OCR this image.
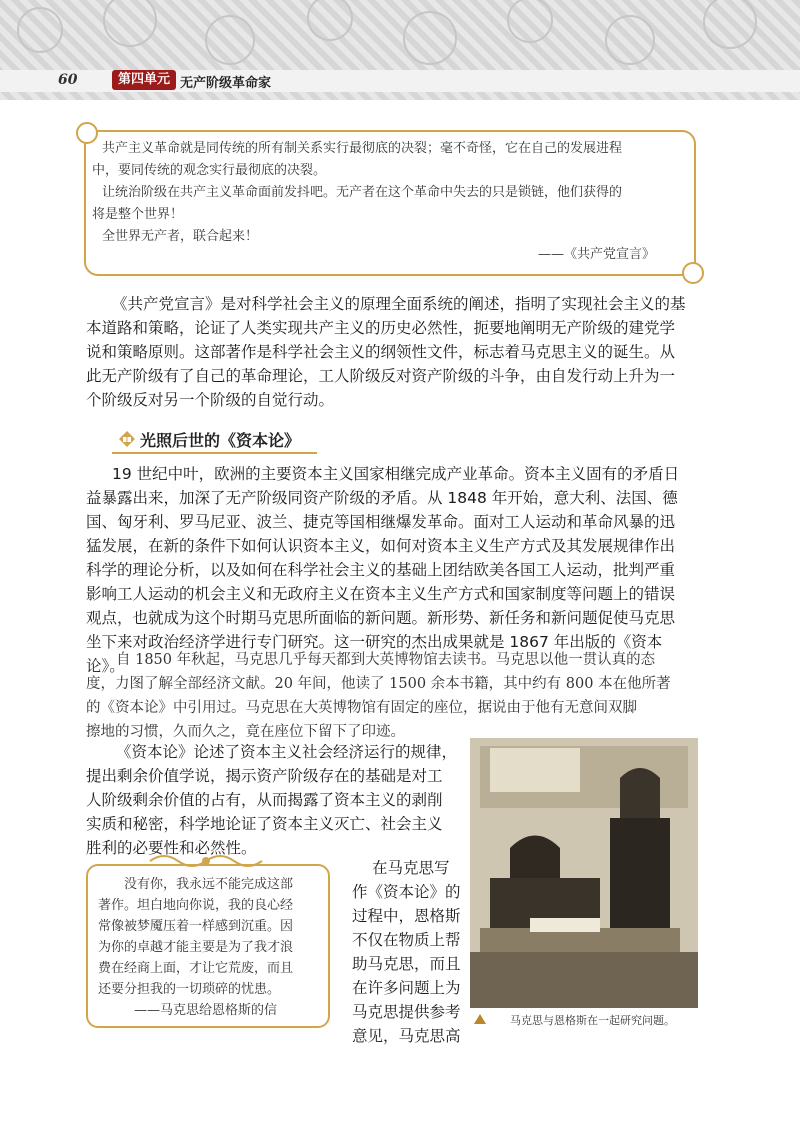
60	第四单元 无产阶级革命家
共产主义革命就是同传统的所有制关系实行最彻底的决裂；毫不奇怪，它在自己的发展进程
中，要同传统的观念实行最彻底的决裂。
让统治阶级在共产主义革命面前发抖吧。无产者在这个革命中失去的只是锁链，他们获得的
将是整个世界！
全世界无产者，联合起来！
——《共产党宣言》
《共产党宣言》是对科学社会主义的原理全面系统的阐述，指明了实现社会主义的基
本道路和策略，论证了人类实现共产主义的历史必然性，扼要地阐明无产阶级的建党学
说和策略原则。这部著作是科学社会主义的纲领性文件，标志着马克思主义的诞生。从
此无产阶级有了自己的革命理论，工人阶级反对资产阶级的斗争，由自发行动上升为一
个阶级反对另一个阶级的自觉行动。
光照后世的《资本论》
19 世纪中叶，欧洲的主要资本主义国家相继完成产业革命。资本主义固有的矛盾日
益暴露出来，加深了无产阶级同资产阶级的矛盾。从 1848 年开始，意大利、法国、德
国、匈牙利、罗马尼亚、波兰、捷克等国相继爆发革命。面对工人运动和革命风暴的迅
猛发展，在新的条件下如何认识资本主义，如何对资本主义生产方式及其发展规律作出
科学的理论分析，以及如何在科学社会主义的基础上团结欧美各国工人运动，批判严重
影响工人运动的机会主义和无政府主义在资本主义生产方式和国家制度等问题上的错误
观点，也就成为这个时期马克思所面临的新问题。新形势、新任务和新问题促使马克思
坐下来对政治经济学进行专门研究。这一研究的杰出成果就是 1867 年出版的《资本论》。
自 1850 年秋起，马克思几乎每天都到大英博物馆去读书。马克思以他一贯认真的态
度，力图了解全部经济文献。20 年间，他读了 1500 余本书籍，其中约有 800 本在他所著
的《资本论》中引用过。马克思在大英博物馆有固定的座位，据说由于他有无意间双脚
擦地的习惯，久而久之，竟在座位下留下了印迹。
《资本论》论述了资本主义社会经济运行的规律，
提出剩余价值学说，揭示资产阶级存在的基础是对工
人阶级剩余价值的占有，从而揭露了资本主义的剥削
实质和秘密，科学地论证了资本主义灭亡、社会主义
胜利的必要性和必然性。
马克思与恩格斯在一起研究问题。
没有你，我永远不能完成这部
著作。坦白地向你说，我的良心经
常像被梦魇压着一样感到沉重。因
为你的卓越才能主要是为了我才浪
费在经商上面，才让它荒废，而且
还要分担我的一切琐碎的忧患。
——马克思给恩格斯的信
在马克思写
作《资本论》的
过程中，恩格斯
不仅在物质上帮
助马克思，而且
在许多问题上为
马克思提供参考
意见，马克思高
